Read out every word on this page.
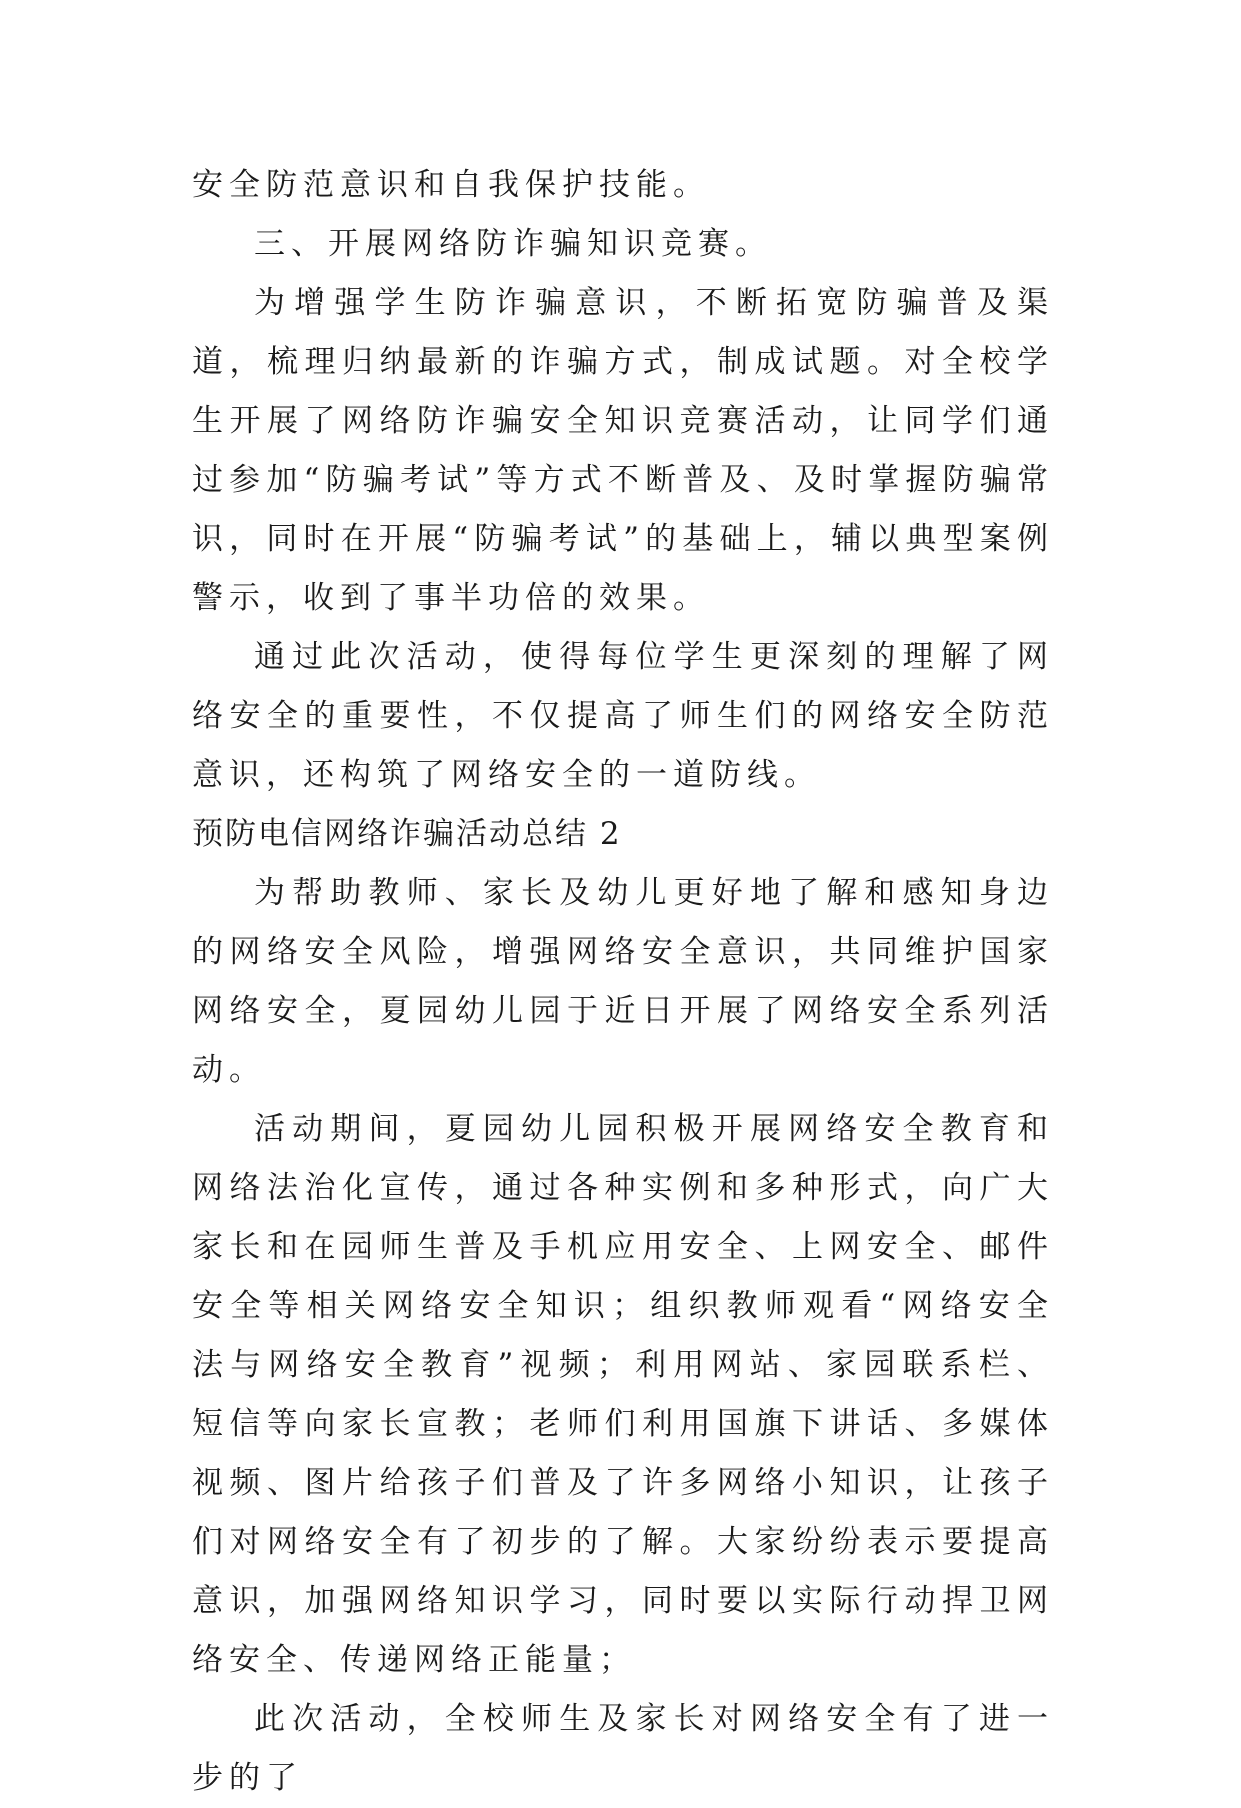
安全防范意识和自我保护技能。

三、开展网络防诈骗知识竞赛。

为增强学生防诈骗意识，不断拓宽防骗普及渠道，梳理归纳最新的诈骗方式，制成试题。对全校学生开展了网络防诈骗安全知识竞赛活动，让同学们通过参加“防骗考试”等方式不断普及、及时掌握防骗常识，同时在开展“防骗考试”的基础上，辅以典型案例警示，收到了事半功倍的效果。

通过此次活动，使得每位学生更深刻的理解了网络安全的重要性，不仅提高了师生们的网络安全防范意识，还构筑了网络安全的一道防线。

预防电信网络诈骗活动总结 2

为帮助教师、家长及幼儿更好地了解和感知身边的网络安全风险，增强网络安全意识，共同维护国家网络安全，夏园幼儿园于近日开展了网络安全系列活动。

活动期间，夏园幼儿园积极开展网络安全教育和网络法治化宣传，通过各种实例和多种形式，向广大家长和在园师生普及手机应用安全、上网安全、邮件安全等相关网络安全知识；组织教师观看“网络安全法与网络安全教育”视频；利用网站、家园联系栏、短信等向家长宣教；老师们利用国旗下讲话、多媒体视频、图片给孩子们普及了许多网络小知识，让孩子们对网络安全有了初步的了解。大家纷纷表示要提高意识，加强网络知识学习，同时要以实际行动捍卫网络安全、传递网络正能量；

此次活动，全校师生及家长对网络安全有了进一步的了
